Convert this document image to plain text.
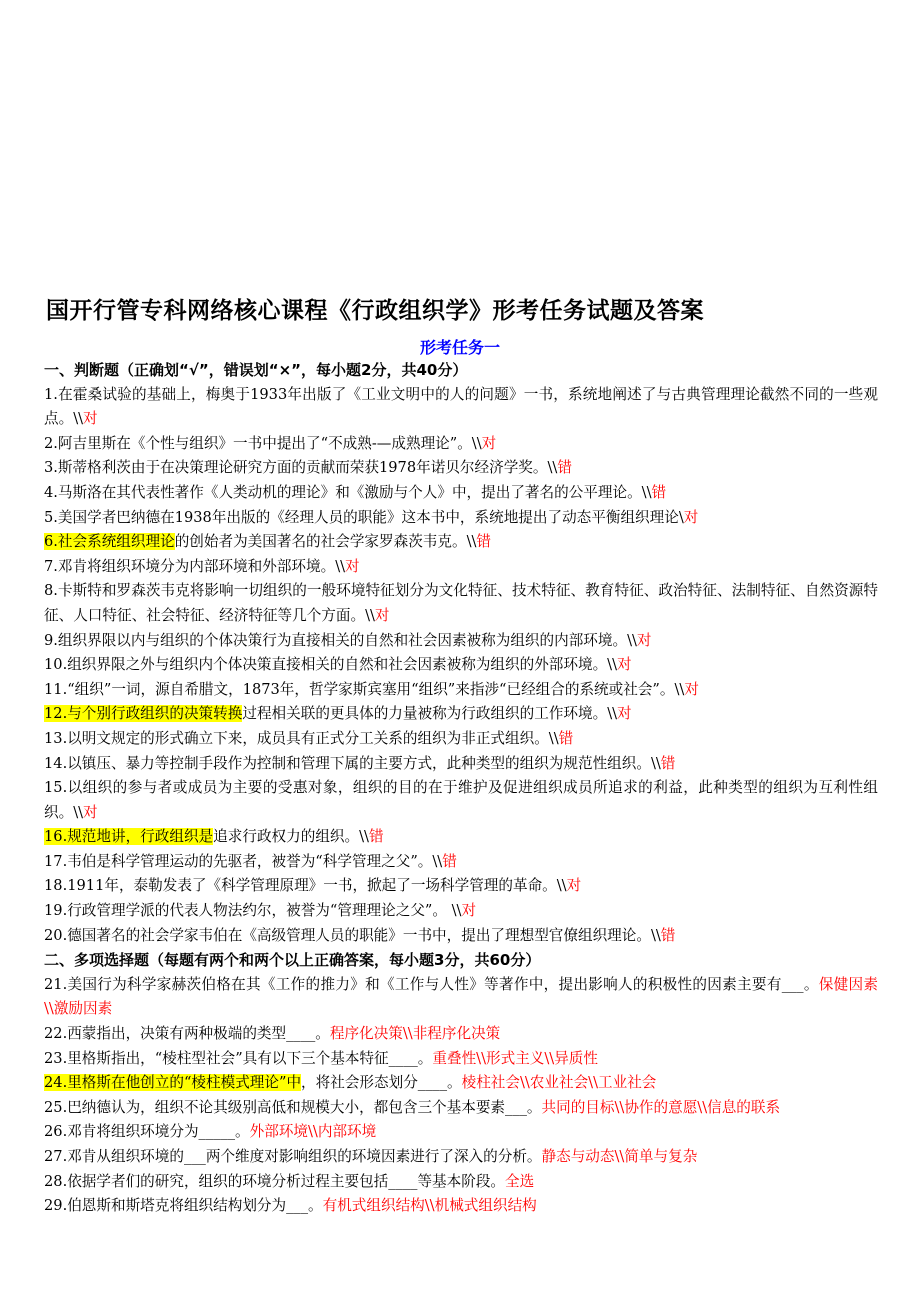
国开行管专科网络核心课程《行政组织学》形考任务试题及答案
形考任务一
一、判断题（正确划“√”，错误划“×”，每小题2分，共40分）

1.在霍桑试验的基础上，梅奥于1933年出版了《工业文明中的人的问题》一书，系统地阐述了与古典管理理论截然不同的一些观点。\\对

2.阿吉里斯在《个性与组织》一书中提出了“不成熟-—成熟理论”。\\对

3.斯蒂格利茨由于在决策理论研究方面的贡献而荣获1978年诺贝尔经济学奖。\\错

4.马斯洛在其代表性著作《人类动机的理论》和《激励与个人》中，提出了著名的公平理论。\\错

5.美国学者巴纳德在1938年出版的《经理人员的职能》这本书中，系统地提出了动态平衡组织理论\对

6.社会系统组织理论的创始者为美国著名的社会学家罗森茨韦克。\\错

7.邓肯将组织环境分为内部环境和外部环境。\\对

8.卡斯特和罗森茨韦克将影响一切组织的一般环境特征划分为文化特征、技术特征、教育特征、政治特征、法制特征、自然资源特征、人口特征、社会特征、经济特征等几个方面。\\对

9.组织界限以内与组织的个体决策行为直接相关的自然和社会因素被称为组织的内部环境。\\对

10.组织界限之外与组织内个体决策直接相关的自然和社会因素被称为组织的外部环境。\\对

11.“组织”一词，源自希腊文，1873年，哲学家斯宾塞用“组织”来指涉“已经组合的系统或社会”。\\对

12.与个别行政组织的决策转换过程相关联的更具体的力量被称为行政组织的工作环境。\\对

13.以明文规定的形式确立下来，成员具有正式分工关系的组织为非正式组织。\\错

14.以镇压、暴力等控制手段作为控制和管理下属的主要方式，此种类型的组织为规范性组织。\\错

15.以组织的参与者或成员为主要的受惠对象，组织的目的在于维护及促进组织成员所追求的利益，此种类型的组织为互利性组织。\\对

16.规范地讲，行政组织是追求行政权力的组织。\\错

17.韦伯是科学管理运动的先驱者，被誉为“科学管理之父”。\\错

18.1911年，泰勒发表了《科学管理原理》一书，掀起了一场科学管理的革命。\\对

19.行政管理学派的代表人物法约尔，被誉为“管理理论之父”。 \\对

20.德国著名的社会学家韦伯在《高级管理人员的职能》一书中，提出了理想型官僚组织理论。\\错

二、多项选择题（每题有两个和两个以上正确答案，每小题3分，共60分）

21.美国行为科学家赫茨伯格在其《工作的推力》和《工作与人性》等著作中，提出影响人的积极性的因素主要有___。保健因素\\激励因素

22.西蒙指出，决策有两种极端的类型____。程序化决策\\非程序化决策

23.里格斯指出，“棱柱型社会”具有以下三个基本特征____。重叠性\\形式主义\\异质性

24.里格斯在他创立的“棱柱模式理论”中，将社会形态划分____。棱柱社会\\农业社会\\工业社会

25.巴纳德认为，组织不论其级别高低和规模大小，都包含三个基本要素___。共同的目标\\协作的意愿\\信息的联系

26.邓肯将组织环境分为_____。外部环境\\内部环境

27.邓肯从组织环境的___两个维度对影响组织的环境因素进行了深入的分析。静态与动态\\简单与复杂

28.依据学者们的研究，组织的环境分析过程主要包括____等基本阶段。全选

29.伯恩斯和斯塔克将组织结构划分为___。有机式组织结构\\机械式组织结构
